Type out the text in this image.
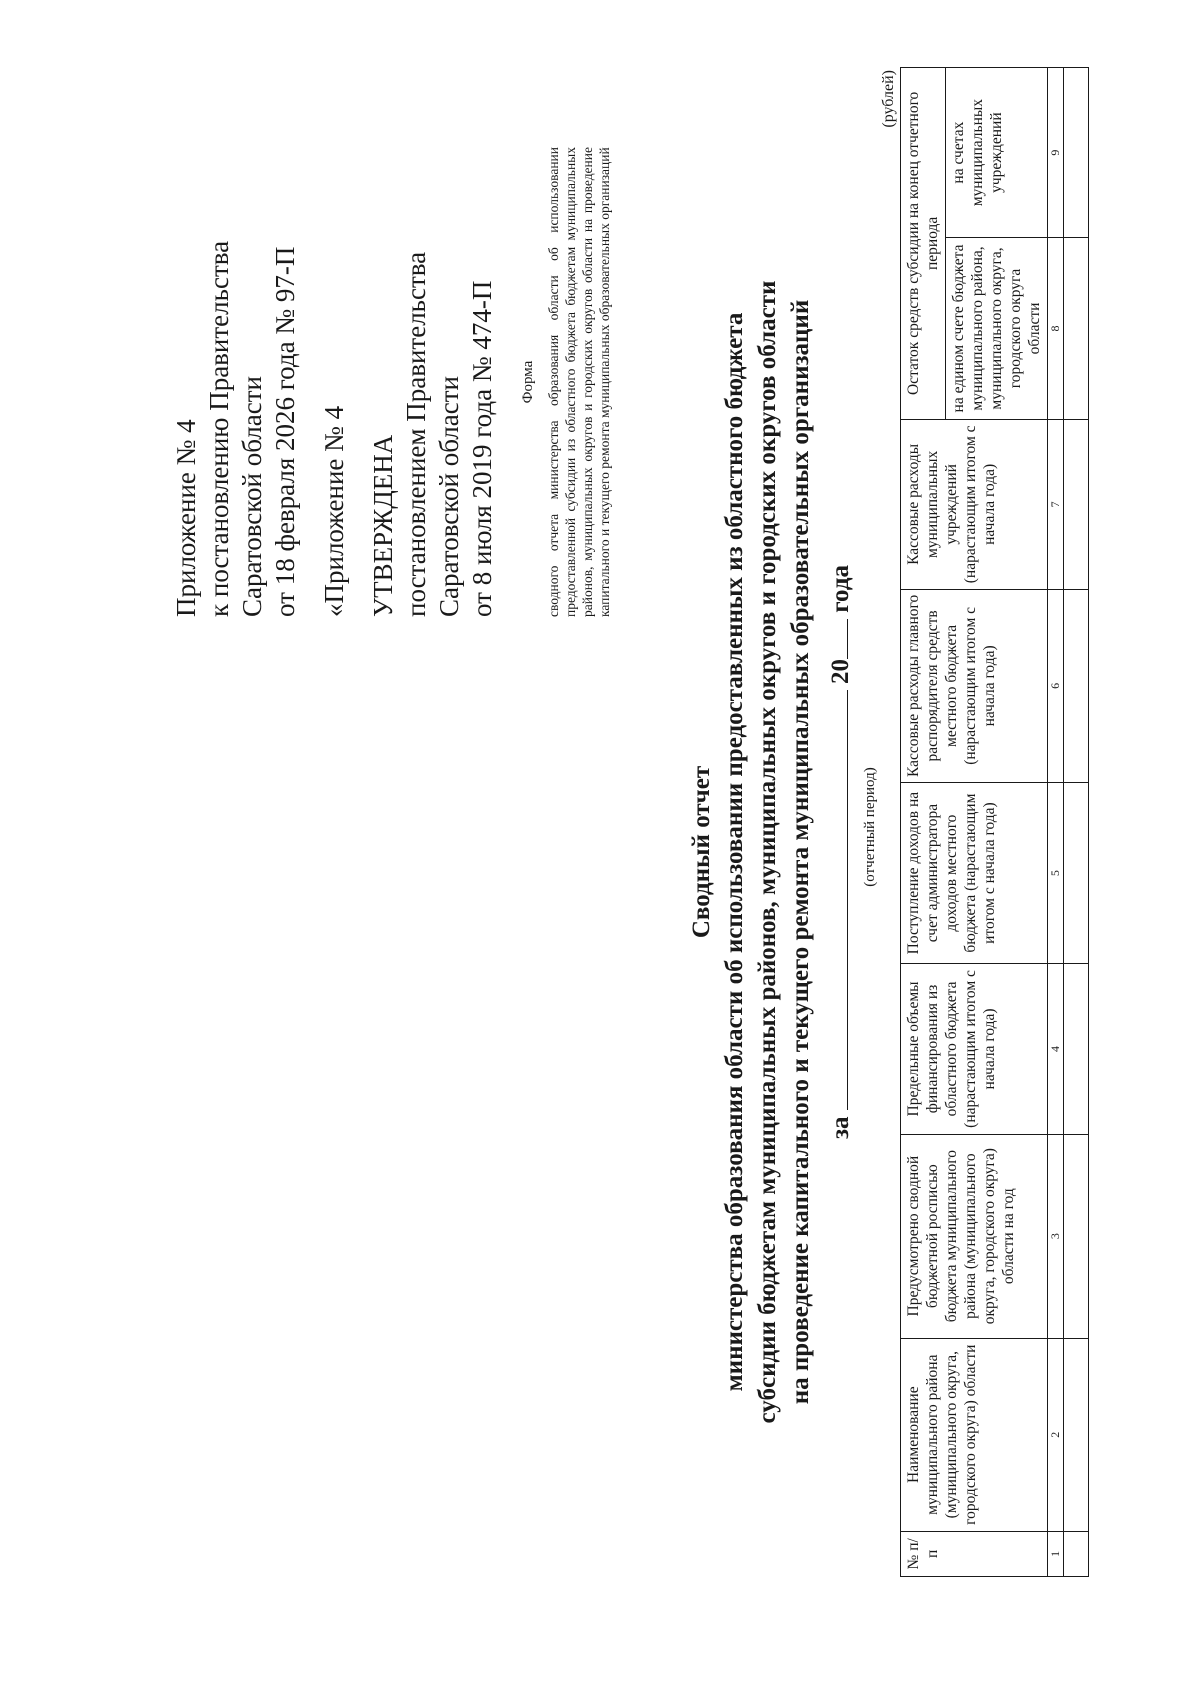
Приложение № 4 к постановлению Правительства Саратовской области от 18 февраля 2026 года № 97-П «Приложение № 4 УТВЕРЖДЕНА постановлением Правительства Саратовской области от 8 июля 2019 года № 474-П Форма сводного отчета министерства образования области об использовании предоставленной субсидии из областного бюджета бюджетам муниципальных районов, муниципальных округов и городских округов области на проведение капитального и текущего ремонта муниципальных образовательных организаций
Сводный отчет министерства образования области об использовании предоставленных из областного бюджета субсидии бюджетам муниципальных районов, муниципальных округов и городских округов области на проведение капитального и текущего ремонта муниципальных образовательных организаций за  20 года
(отчетный период)
(рублей)
№ п/п	Наименование муниципального района (муниципального округа, городского округа) области	Предусмотрено сводной бюджетной росписью бюджета муниципального района (муниципального округа, городского округа) области на год	Предельные объемы финансирования из областного бюджета (нарастающим итогом с начала года)	Поступление доходов на счет администратора доходов местного бюджета (нарастающим итогом с начала года)	Кассовые расходы главного распорядителя средств местного бюджета (нарастающим итогом с начала года)	Кассовые расходы муниципальных учреждений (нарастающим итогом с начала года)	Остаток средств субсидии на конец отчетного периода	
							на едином счете бюджета муниципального района, муниципального округа, городского округа области	на счетах муниципальных учреждений
1	2	3	4	5	6	7	8	9
